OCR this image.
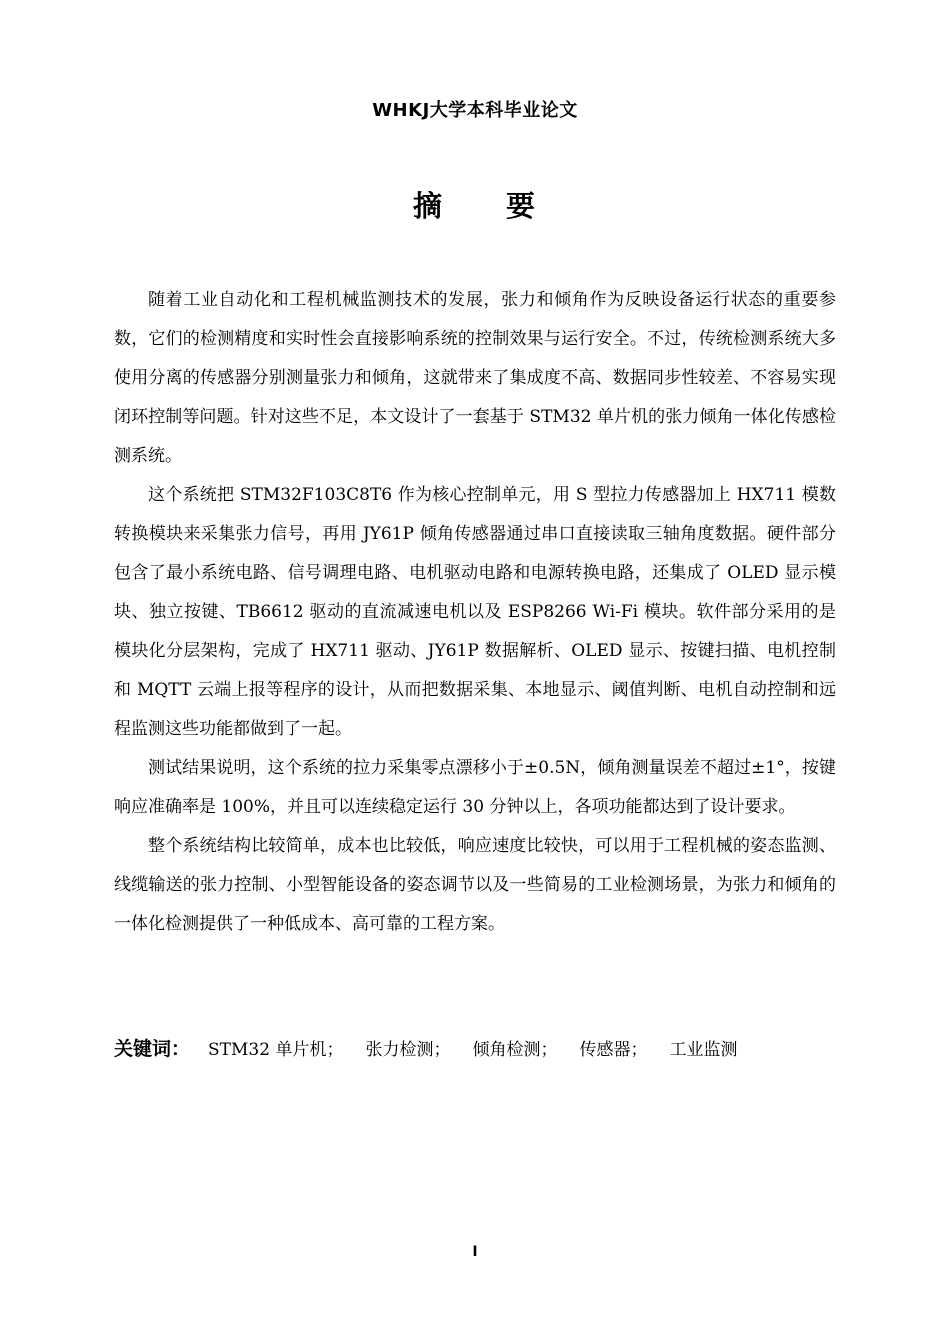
WHKJ大学本科毕业论文
摘　　要

随着工业自动化和工程机械监测技术的发展，张力和倾角作为反映设备运行状态的重要参数，它们的检测精度和实时性会直接影响系统的控制效果与运行安全。不过，传统检测系统大多使用分离的传感器分别测量张力和倾角，这就带来了集成度不高、数据同步性较差、不容易实现闭环控制等问题。针对这些不足，本文设计了一套基于 STM32 单片机的张力倾角一体化传感检测系统。

这个系统把 STM32F103C8T6 作为核心控制单元，用 S 型拉力传感器加上 HX711 模数转换模块来采集张力信号，再用 JY61P 倾角传感器通过串口直接读取三轴角度数据。硬件部分包含了最小系统电路、信号调理电路、电机驱动电路和电源转换电路，还集成了 OLED 显示模块、独立按键、TB6612 驱动的直流减速电机以及 ESP8266 Wi-Fi 模块。软件部分采用的是模块化分层架构，完成了 HX711 驱动、JY61P 数据解析、OLED 显示、按键扫描、电机控制和 MQTT 云端上报等程序的设计，从而把数据采集、本地显示、阈值判断、电机自动控制和远程监测这些功能都做到了一起。

测试结果说明，这个系统的拉力采集零点漂移小于±0.5N，倾角测量误差不超过±1°，按键响应准确率是 100%，并且可以连续稳定运行 30 分钟以上，各项功能都达到了设计要求。

整个系统结构比较简单，成本也比较低，响应速度比较快，可以用于工程机械的姿态监测、线缆输送的张力控制、小型智能设备的姿态调节以及一些简易的工业检测场景，为张力和倾角的一体化检测提供了一种低成本、高可靠的工程方案。

关键词： STM32 单片机； 张力检测； 倾角检测； 传感器； 工业监测
I
